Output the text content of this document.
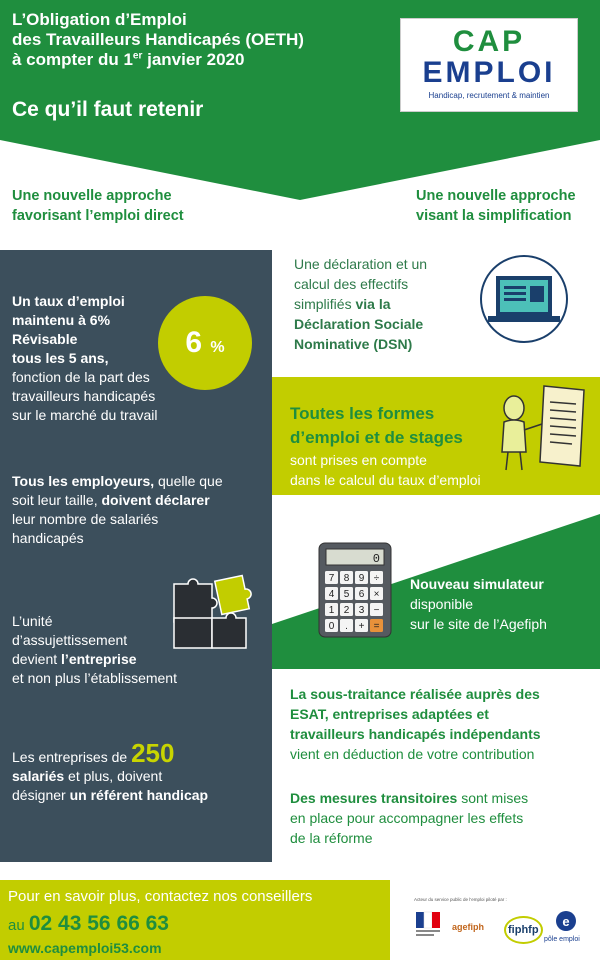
L’Obligation d’Emploi
des Travailleurs Handicapés (OETH)
à compter du 1er janvier 2020
Ce qu’il faut retenir
CAP
EMPLOI
Handicap, recrutement & maintien
Une nouvelle approche
favorisant l’emploi direct
Une nouvelle approche
visant la simplification
Un taux d’emploi
maintenu à 6%
Révisable
tous les 5 ans,
fonction de la part des
travailleurs handicapés
sur le marché du travail
6 %
Tous les employeurs, quelle que
soit leur taille, doivent déclarer
leur nombre de salariés
handicapés
L’unité
d’assujettissement
devient l’entreprise
et non plus l’établissement
Les entreprises de 250
salariés et plus, doivent
désigner un référent handicap
Une déclaration et un
calcul des effectifs
simplifiés via la
Déclaration Sociale
Nominative (DSN)
Toutes les formes
d’emploi et de stages
sont prises en compte
dans le calcul du taux d’emploi
0
7 8 9 ÷
4 5 6 ×
1 2 3 −
0 . + =
Nouveau simulateur
disponible
sur le site de l’Agefiph
La sous-traitance réalisée auprès des
ESAT, entreprises adaptées et
travailleurs handicapés indépendants
vient en déduction de votre contribution
Des mesures transitoires sont mises
en place pour accompagner les effets
de la réforme
Pour en savoir plus, contactez nos conseillers
au 02 43 56 66 63
www.capemploi53.com
Acteur du service public de l’emploi piloté par :
agefiph	fiphfp
e
pôle emploi
